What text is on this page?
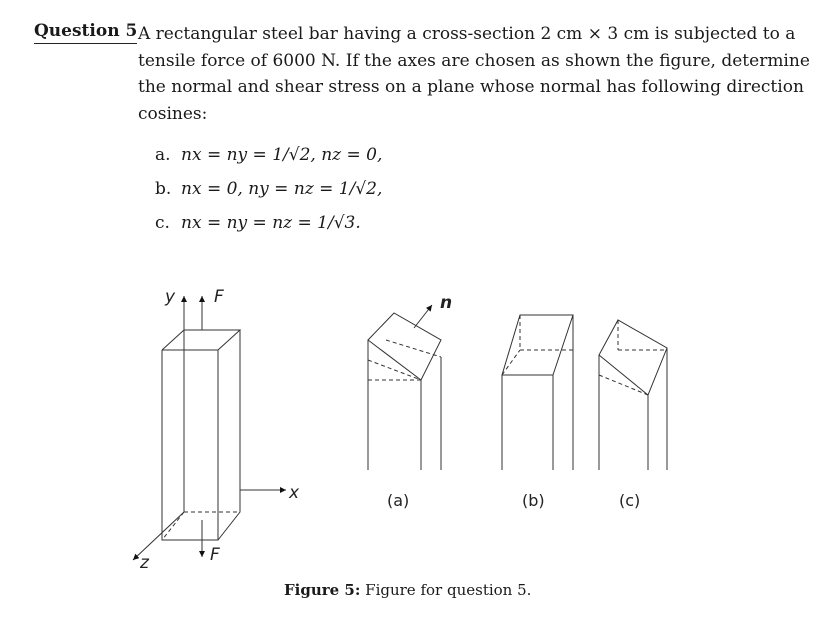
Question 5 A rectangular steel bar having a cross-section 2 cm × 3 cm is subjected to a
tensile force of 6000 N. If the axes are chosen as shown the figure, determine
the normal and shear stress on a plane whose normal has following direction
cosines:
a. nx = ny = 1/√2, nz = 0,
b. nx = 0, ny = nz = 1/√2,
c. nx = ny = nz = 1/√3.
y F
x
z	F
n
(a)	(b)	(c)
Figure 5: Figure for question 5.
